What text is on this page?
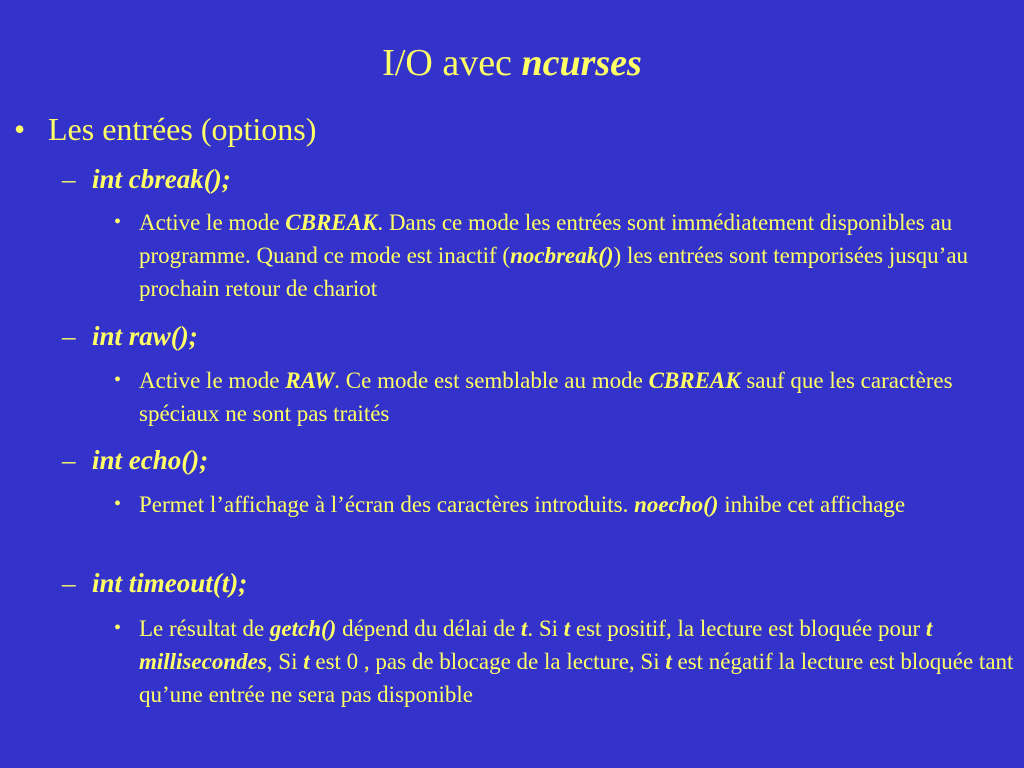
I/O avec ncurses
• Les entrées (options)
– int cbreak();
• Active le mode CBREAK. Dans ce mode les entrées sont immédiatement disponibles au programme. Quand ce mode est inactif (nocbreak()) les entrées sont temporisées jusqu’au prochain retour de chariot
– int raw();
• Active le mode RAW. Ce mode est semblable au mode CBREAK sauf que les caractères spéciaux ne sont pas traités
– int echo();
• Permet l’affichage à l’écran des caractères introduits. noecho() inhibe cet affichage
– int timeout(t);
• Le résultat de getch() dépend du délai de t. Si t est positif, la lecture est bloquée pour t millisecondes, Si t est 0 , pas de blocage de la lecture, Si t est négatif la lecture est bloquée tant qu’une entrée ne sera pas disponible
